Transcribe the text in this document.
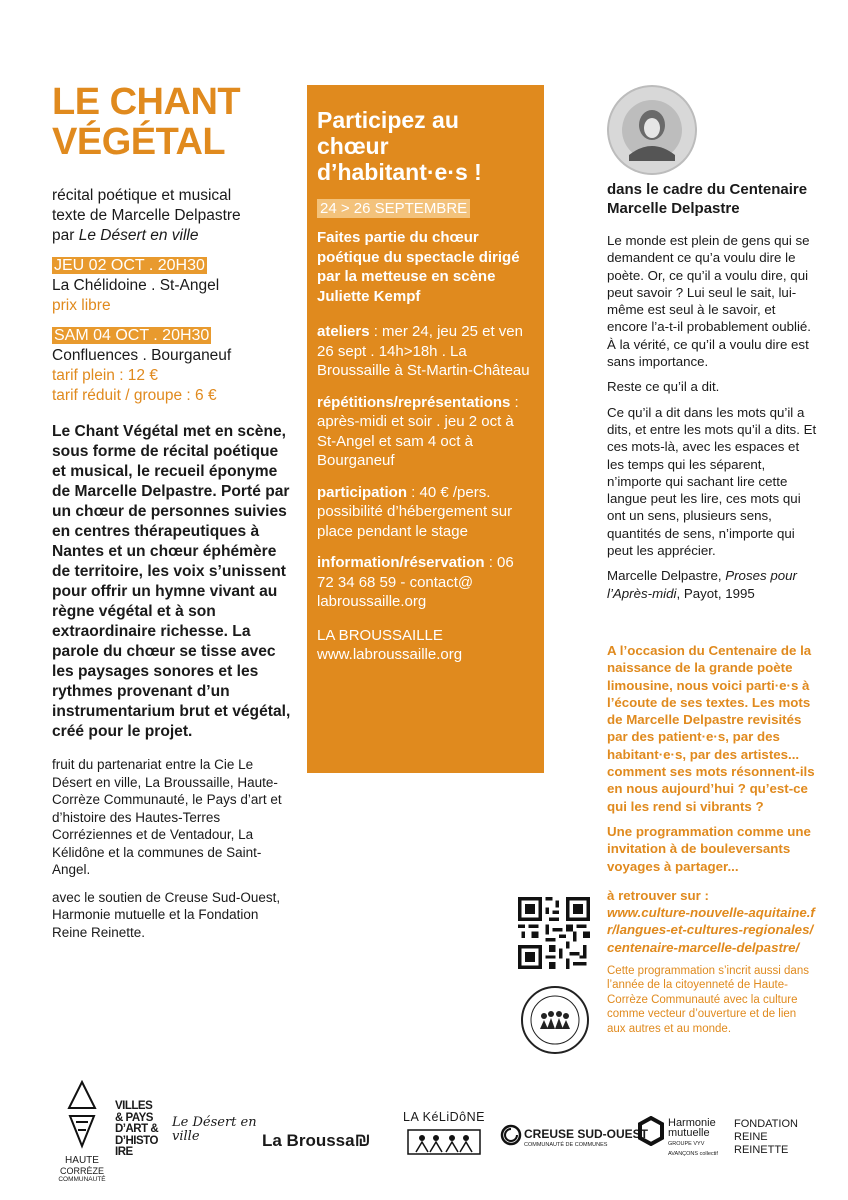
LE CHANT
VÉGÉTAL

récital poétique et musical

texte de Marcelle Delpastre

par Le Désert en ville

JEU 02 OCT . 20H30

La Chélidoine . St-Angel

prix libre

SAM 04 OCT . 20H30

Confluences . Bourganeuf

tarif plein : 12 €

tarif réduit / groupe : 6 €

Le Chant Végétal met en scène, sous forme de récital poétique et musical, le recueil éponyme de Marcelle Delpastre. Porté par un chœur de personnes suivies en centres thérapeutiques à Nantes et un chœur éphémère de territoire, les voix s’unissent pour offrir un hymne vivant au règne végétal et à son extraordinaire richesse. La parole du chœur se tisse avec les paysages sonores et les rythmes provenant d’un instrumentarium brut et végétal, créé pour le projet.

fruit du partenariat entre la Cie Le Désert en ville, La Broussaille, Haute-Corrèze Communauté, le Pays d’art et d’histoire des Hautes-Terres Corréziennes et de Ventadour, La Kélidône et la communes de Saint-Angel.

avec le soutien de Creuse Sud-Ouest, Harmonie mutuelle et la Fondation Reine Reinette.

Participez au chœur d’habitant·e·s !
24 > 26 SEPTEMBRE

Faites partie du chœur poétique du spectacle dirigé par la metteuse en scène Juliette Kempf

ateliers : mer 24, jeu 25 et ven 26 sept . 14h>18h . La Broussaille à St-Martin-Château

répétitions/représentations : après-midi et soir . jeu 2 oct à St-Angel et sam 4 oct à Bourganeuf

participation : 40 € /pers. possibilité d’hébergement sur place pendant le stage

information/réservation : 06 72 34 68 59 - contact@ labroussaille.org

LA BROUSSAILLE

www.labroussaille.org

dans le cadre du Centenaire Marcelle Delpastre

Le monde est plein de gens qui se demandent ce qu’a voulu dire le poète. Or, ce qu’il a voulu dire, qui peut savoir ? Lui seul le sait, lui-même est seul à le savoir, et encore l’a-t-il probablement oublié. À la vérité, ce qu’il a voulu dire est sans importance.

Reste ce qu’il a dit.

Ce qu’il a dit dans les mots qu’il a dits, et entre les mots qu’il a dits. Et ces mots-là, avec les espaces et les temps qui les séparent, n’importe qui sachant lire cette langue peut les lire, ces mots qui ont un sens, plusieurs sens, quantités de sens, n’importe qui peut les apprécier.

Marcelle Delpastre, Proses pour l’Après-midi, Payot, 1995

A l’occasion du Centenaire de la naissance de la grande poète limousine, nous voici parti·e·s à l’écoute de ses textes. Les mots de Marcelle Delpastre revisités par des patient·e·s, par des habitant·e·s, par des artistes... comment ses mots résonnent-ils en nous aujourd’hui ? qu’est-ce qui les rend si vibrants ?

Une programmation comme une invitation à de bouleversants voyages à partager...

à retrouver sur :

www.culture-nouvelle-aquitaine.fr/langues-et-cultures-regionales/centenaire-marcelle-delpastre/

Cette programmation s’incrit aussi dans l’année de la citoyenneté de Haute-Corrèze Communauté avec la culture comme vecteur d’ouverture et de lien aux autres et au monde.

HAUTE
CORRÈZE
COMMUNAUTÉ
VILLES
& PAYS
D’ART &
D’HISTO
IRE
Le Désert en ville	La Broussa₪
LA KéLiDôNE
CREUSE SUD-OUEST
COMMUNAUTÉ DE COMMUNES
Harmonie
mutuelle
GROUPE VYV
AVANÇONS collectif
FONDATION
REINE
REINETTE
